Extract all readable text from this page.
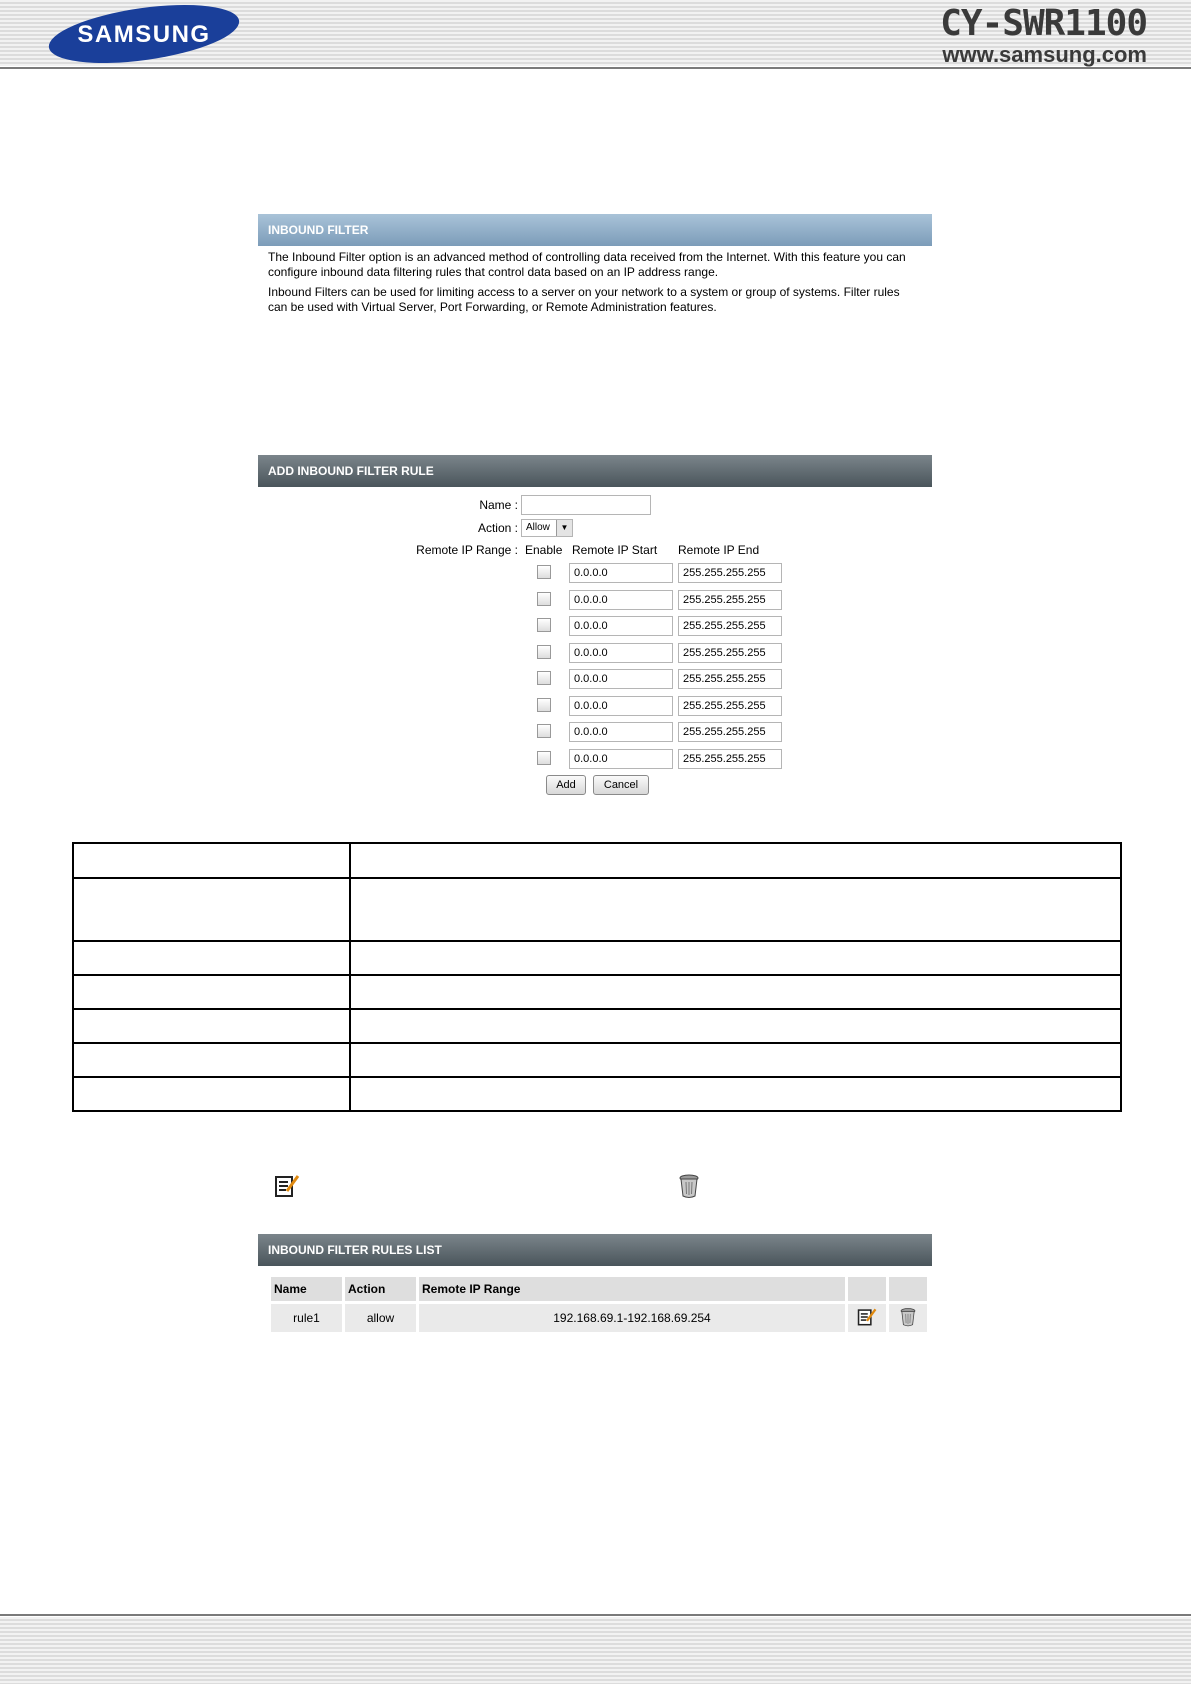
SAMSUNG	CY-SWR1100
www.samsung.com
INBOUND FILTER

The Inbound Filter option is an advanced method of controlling data received from the Internet. With this feature you can configure inbound data filtering rules that control data based on an IP address range.

Inbound Filters can be used for limiting access to a server on your network to a system or group of systems. Filter rules can be used with Virtual Server, Port Forwarding, or Remote Administration features.

ADD INBOUND FILTER RULE
Name :
Action : Allow	▼
Remote IP Range : Enable Remote IP Start Remote IP End
0.0.0.0	255.255.255.255
0.0.0.0	255.255.255.255
0.0.0.0	255.255.255.255
0.0.0.0	255.255.255.255
0.0.0.0	255.255.255.255
0.0.0.0	255.255.255.255
0.0.0.0	255.255.255.255
0.0.0.0	255.255.255.255
Add	Cancel

INBOUND FILTER RULES LIST
Name	Action	Remote IP Range		
rule1	allow	192.168.69.1-192.168.69.254		
